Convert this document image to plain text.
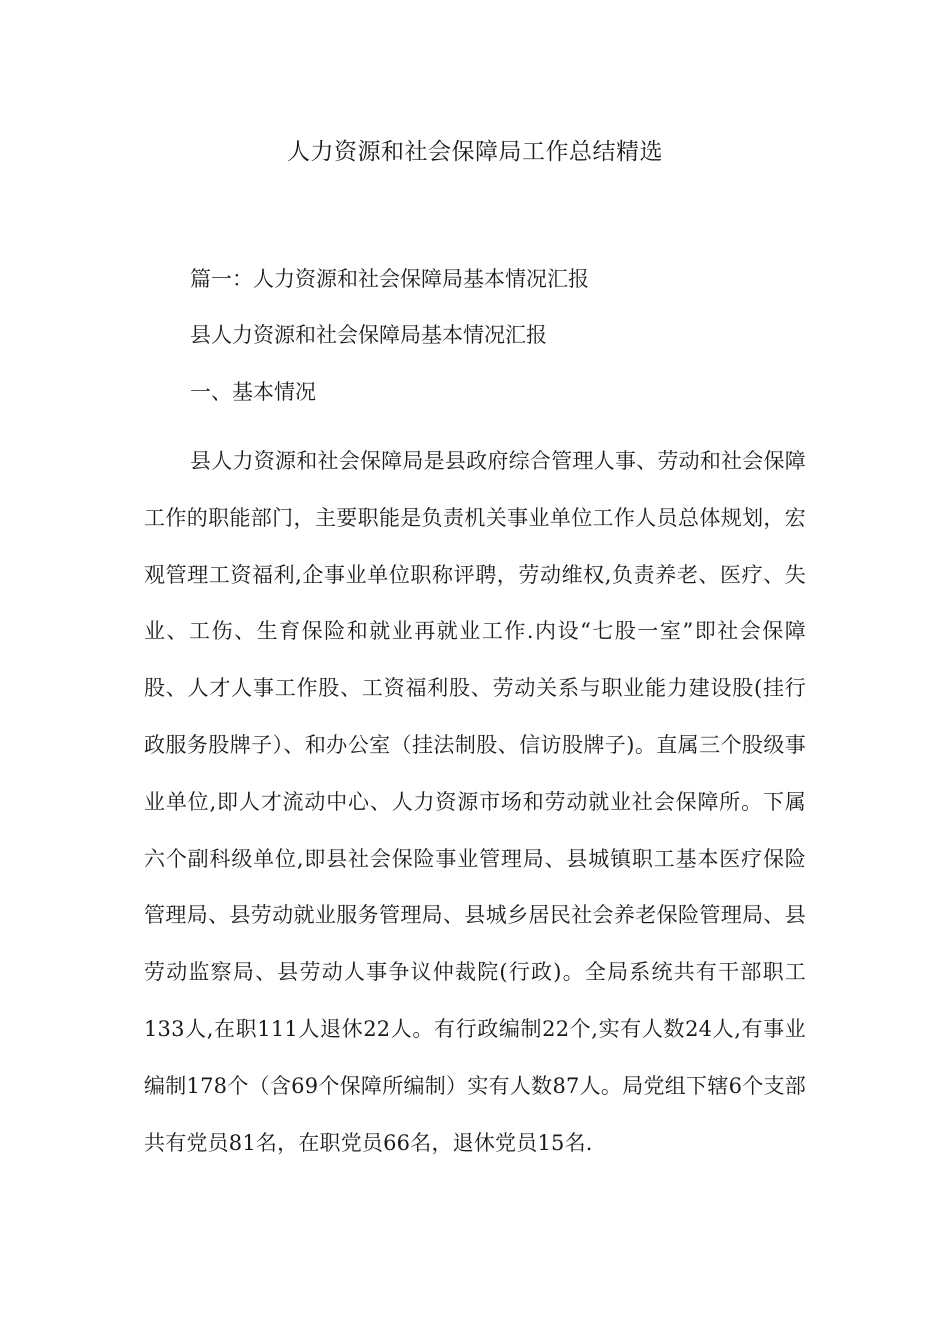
人力资源和社会保障局工作总结精选

篇一：人力资源和社会保障局基本情况汇报

县人力资源和社会保障局基本情况汇报

一、基本情况

县人力资源和社会保障局是县政府综合管理人事、劳动和社会保障工作的职能部门，主要职能是负责机关事业单位工作人员总体规划，宏观管理工资福利,企事业单位职称评聘，劳动维权,负责养老、医疗、失业、工伤、生育保险和就业再就业工作.内设“七股一室”即社会保障股、人才人事工作股、工资福利股、劳动关系与职业能力建设股(挂行政服务股牌子）、和办公室（挂法制股、信访股牌子)。直属三个股级事业单位,即人才流动中心、人力资源市场和劳动就业社会保障所。下属六个副科级单位,即县社会保险事业管理局、县城镇职工基本医疗保险管理局、县劳动就业服务管理局、县城乡居民社会养老保险管理局、县劳动监察局、县劳动人事争议仲裁院(行政)。全局系统共有干部职工133人,在职111人退休22人。有行政编制22个,实有人数24人,有事业编制178个（含69个保障所编制）实有人数87人。局党组下辖6个支部共有党员81名，在职党员66名，退休党员15名.
